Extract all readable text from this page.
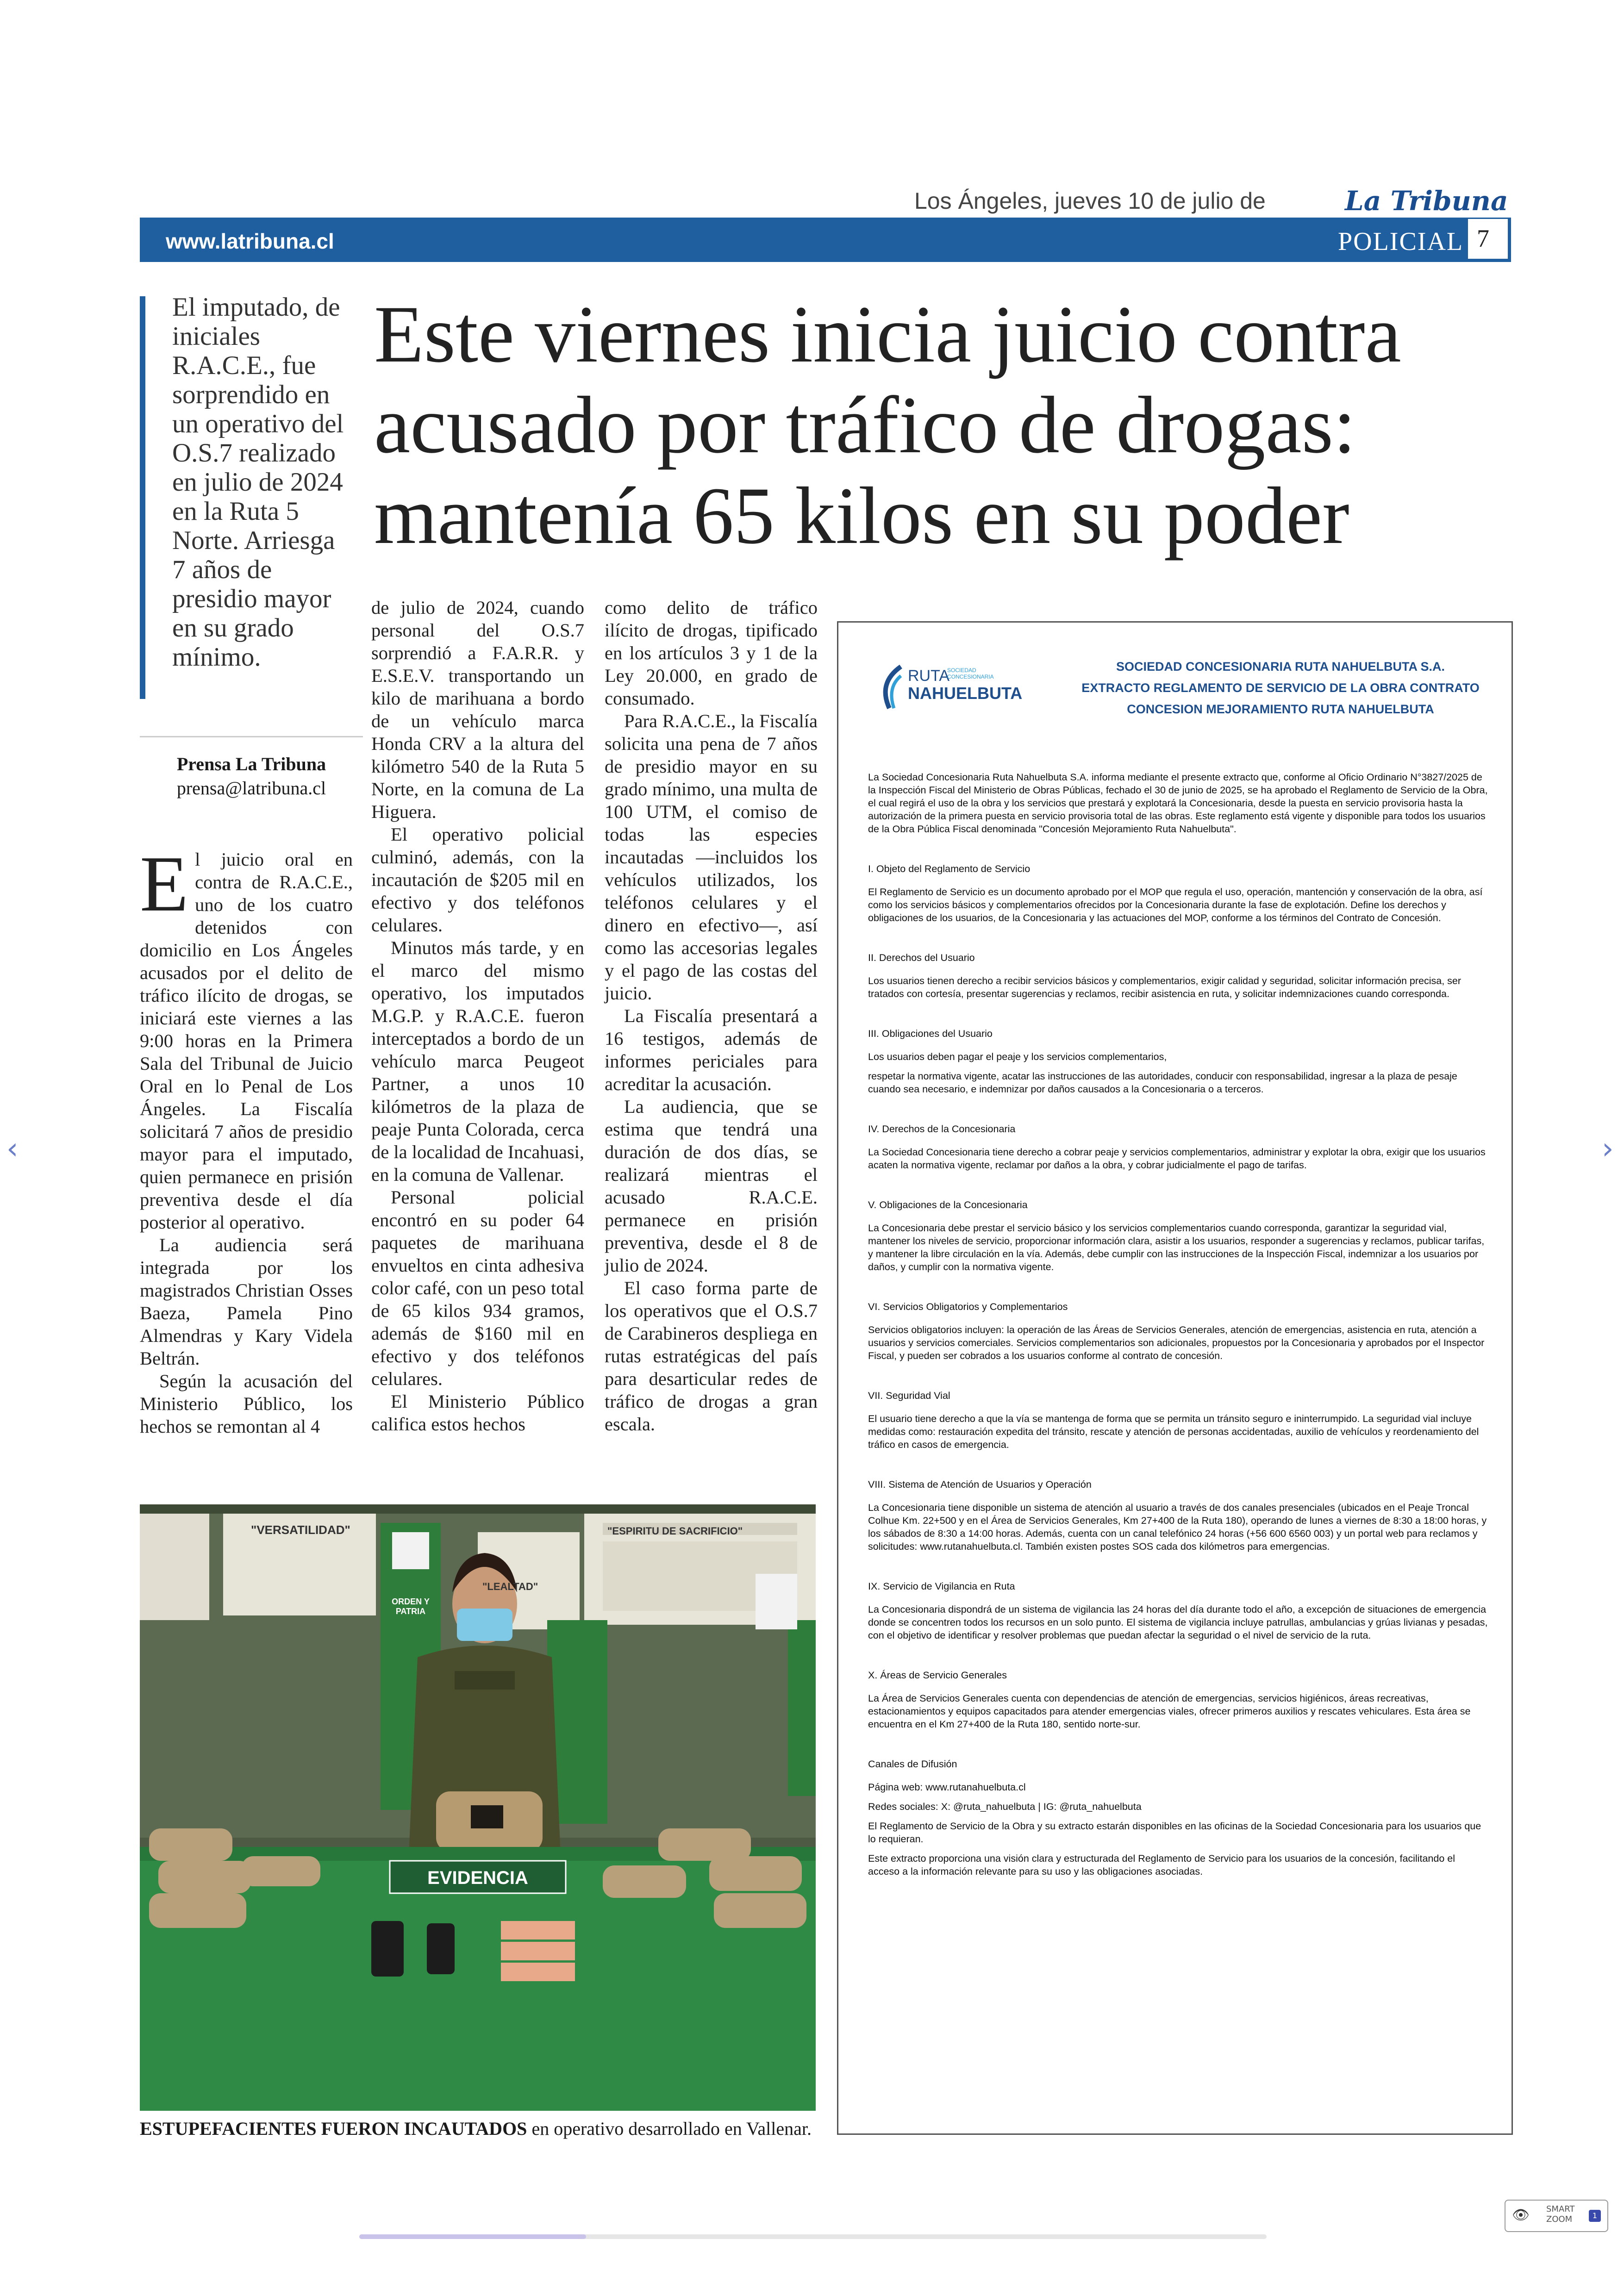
Los Ángeles, jueves 10 de julio de	La Tribuna
www.latribuna.cl	POLICIAL 7
El imputado, de iniciales R.A.C.E., fue sorprendido en un operativo del O.S.7 realizado en julio de 2024 en la Ruta 5 Norte. Arriesga 7 años de presidio mayor en su grado mínimo.
Prensa La Tribuna
prensa@latribuna.cl
Este viernes inicia juicio contra acusado por tráfico de drogas: mantenía 65 kilos en su poder

El juicio oral en contra de R.A.C.E., uno de los cuatro detenidos con domicilio en Los Ángeles acusados por el delito de tráfico ilícito de drogas, se iniciará este viernes a las 9:00 horas en la Primera Sala del Tribunal de Juicio Oral en lo Penal de Los Ángeles. La Fiscalía solicitará 7 años de presidio mayor para el imputado, quien permanece en prisión preventiva desde el día posterior al operativo.

La audiencia será integrada por los magistrados Christian Osses Baeza, Pamela Pino Almendras y Kary Videla Beltrán.

Según la acusación del Ministerio Público, los hechos se remontan al 4

de julio de 2024, cuando personal del O.S.7 sorprendió a F.A.R.R. y E.S.E.V. transportando un kilo de marihuana a bordo de un vehículo marca Honda CRV a la altura del kilómetro 540 de la Ruta 5 Norte, en la comuna de La Higuera.

El operativo policial culminó, además, con la incautación de $205 mil en efectivo y dos teléfonos celulares.

Minutos más tarde, y en el marco del mismo operativo, los imputados M.G.P. y R.A.C.E. fueron interceptados a bordo de un vehículo marca Peugeot Partner, a unos 10 kilómetros de la plaza de peaje Punta Colorada, cerca de la localidad de Incahuasi, en la comuna de Vallenar.

Personal policial encontró en su poder 64 paquetes de marihuana envueltos en cinta adhesiva color café, con un peso total de 65 kilos 934 gramos, además de $160 mil en efectivo y dos teléfonos celulares.

El Ministerio Público califica estos hechos

como delito de tráfico ilícito de drogas, tipificado en los artículos 3 y 1 de la Ley 20.000, en grado de consumado.

Para R.A.C.E., la Fiscalía solicita una pena de 7 años de presidio mayor en su grado mínimo, una multa de 100 UTM, el comiso de todas las especies incautadas —incluidos los vehículos utilizados, los teléfonos celulares y el dinero en efectivo—, así como las accesorias legales y el pago de las costas del juicio.

La Fiscalía presentará a 16 testigos, además de informes periciales para acreditar la acusación.

La audiencia, que se estima que tendrá una duración de dos días, se realizará mientras el acusado R.A.C.E. permanece en prisión preventiva, desde el 8 de julio de 2024.

El caso forma parte de los operativos que el O.S.7 de Carabineros despliega en rutas estratégicas del país para desarticular redes de tráfico de drogas a gran escala.

"VERSATILIDAD"	"ESPIRITU DE SACRIFICIO"
"LEALTAD"
ORDEN Y PATRIA
EVIDENCIA
ESTUPEFACIENTES FUERON INCAUTADOS en operativo desarrollado en Vallenar.
RUTA
SOCIEDAD CONCESIONARIA
NAHUELBUTA
SOCIEDAD CONCESIONARIA RUTA NAHUELBUTA S.A.
EXTRACTO REGLAMENTO DE SERVICIO DE LA OBRA CONTRATO
CONCESION MEJORAMIENTO RUTA NAHUELBUTA

La Sociedad Concesionaria Ruta Nahuelbuta S.A. informa mediante el presente extracto que, conforme al Oficio Ordinario N°3827/2025 de la Inspección Fiscal del Ministerio de Obras Públicas, fechado el 30 de junio de 2025, se ha aprobado el Reglamento de Servicio de la Obra, el cual regirá el uso de la obra y los servicios que prestará y explotará la Concesionaria, desde la puesta en servicio provisoria hasta la autorización de la primera puesta en servicio provisoria total de las obras. Este reglamento está vigente y disponible para todos los usuarios de la Obra Pública Fiscal denominada "Concesión Mejoramiento Ruta Nahuelbuta".

I. Objeto del Reglamento de Servicio

El Reglamento de Servicio es un documento aprobado por el MOP que regula el uso, operación, mantención y conservación de la obra, así como los servicios básicos y complementarios ofrecidos por la Concesionaria durante la fase de explotación. Define los derechos y obligaciones de los usuarios, de la Concesionaria y las actuaciones del MOP, conforme a los términos del Contrato de Concesión.

II. Derechos del Usuario

Los usuarios tienen derecho a recibir servicios básicos y complementarios, exigir calidad y seguridad, solicitar información precisa, ser tratados con cortesía, presentar sugerencias y reclamos, recibir asistencia en ruta, y solicitar indemnizaciones cuando corresponda.

III. Obligaciones del Usuario

Los usuarios deben pagar el peaje y los servicios complementarios,

respetar la normativa vigente, acatar las instrucciones de las autoridades, conducir con responsabilidad, ingresar a la plaza de pesaje cuando sea necesario, e indemnizar por daños causados a la Concesionaria o a terceros.

IV. Derechos de la Concesionaria

La Sociedad Concesionaria tiene derecho a cobrar peaje y servicios complementarios, administrar y explotar la obra, exigir que los usuarios acaten la normativa vigente, reclamar por daños a la obra, y cobrar judicialmente el pago de tarifas.

V. Obligaciones de la Concesionaria

La Concesionaria debe prestar el servicio básico y los servicios complementarios cuando corresponda, garantizar la seguridad vial, mantener los niveles de servicio, proporcionar información clara, asistir a los usuarios, responder a sugerencias y reclamos, publicar tarifas, y mantener la libre circulación en la vía. Además, debe cumplir con las instrucciones de la Inspección Fiscal, indemnizar a los usuarios por daños, y cumplir con la normativa vigente.

VI. Servicios Obligatorios y Complementarios

Servicios obligatorios incluyen: la operación de las Áreas de Servicios Generales, atención de emergencias, asistencia en ruta, atención a usuarios y servicios comerciales. Servicios complementarios son adicionales, propuestos por la Concesionaria y aprobados por el Inspector Fiscal, y pueden ser cobrados a los usuarios conforme al contrato de concesión.

VII. Seguridad Vial

El usuario tiene derecho a que la vía se mantenga de forma que se permita un tránsito seguro e ininterrumpido. La seguridad vial incluye medidas como: restauración expedita del tránsito, rescate y atención de personas accidentadas, auxilio de vehículos y reordenamiento del tráfico en casos de emergencia.

VIII. Sistema de Atención de Usuarios y Operación

La Concesionaria tiene disponible un sistema de atención al usuario a través de dos canales presenciales (ubicados en el Peaje Troncal Colhue Km. 22+500 y en el Área de Servicios Generales, Km 27+400 de la Ruta 180), operando de lunes a viernes de 8:30 a 18:00 horas, y los sábados de 8:30 a 14:00 horas. Además, cuenta con un canal telefónico 24 horas (+56 600 6560 003) y un portal web para reclamos y solicitudes: www.rutanahuelbuta.cl. También existen postes SOS cada dos kilómetros para emergencias.

IX. Servicio de Vigilancia en Ruta

La Concesionaria dispondrá de un sistema de vigilancia las 24 horas del día durante todo el año, a excepción de situaciones de emergencia donde se concentren todos los recursos en un solo punto. El sistema de vigilancia incluye patrullas, ambulancias y grúas livianas y pesadas, con el objetivo de identificar y resolver problemas que puedan afectar la seguridad o el nivel de servicio de la ruta.

X. Áreas de Servicio Generales

La Área de Servicios Generales cuenta con dependencias de atención de emergencias, servicios higiénicos, áreas recreativas, estacionamientos y equipos capacitados para atender emergencias viales, ofrecer primeros auxilios y rescates vehiculares. Esta área se encuentra en el Km 27+400 de la Ruta 180, sentido norte-sur.

Canales de Difusión

Página web: www.rutanahuelbuta.cl

Redes sociales: X: @ruta_nahuelbuta | IG: @ruta_nahuelbuta

El Reglamento de Servicio de la Obra y su extracto estarán disponibles en las oficinas de la Sociedad Concesionaria para los usuarios que lo requieran.

Este extracto proporciona una visión clara y estructurada del Reglamento de Servicio para los usuarios de la concesión, facilitando el acceso a la información relevante para su uso y las obligaciones asociadas.

‹	›
👁 SMART
ZOOM	1
